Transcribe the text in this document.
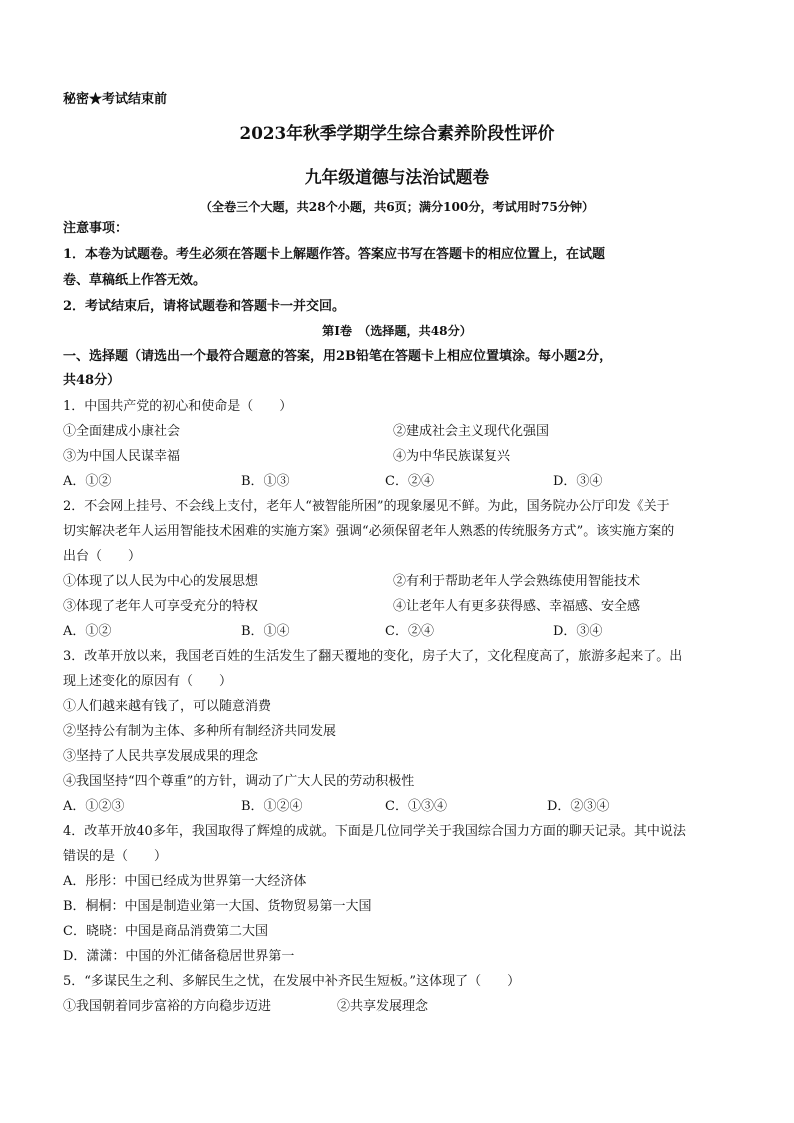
秘密★考试结束前
2023年秋季学期学生综合素养阶段性评价
九年级道德与法治试题卷
（全卷三个大题，共28个小题，共6页；满分100分，考试用时75分钟）
注意事项：
1．本卷为试题卷。考生必须在答题卡上解题作答。答案应书写在答题卡的相应位置上，在试题
卷、草稿纸上作答无效。
2．考试结束后，请将试题卷和答题卡一并交回。
第Ⅰ卷　（选择题，共48分）
一、选择题（请选出一个最符合题意的答案，用2B铅笔在答题卡上相应位置填涂。每小题2分，
共48分）
1．中国共产党的初心和使命是（　　）
①全面建成小康社会	②建成社会主义现代化强国
③为中国人民谋幸福	④为中华民族谋复兴
A．①②	B．①③	C．②④	D．③④
2．不会网上挂号、不会线上支付，老年人“被智能所困”的现象屡见不鲜。为此，国务院办公厅印发《关于
切实解决老年人运用智能技术困难的实施方案》强调“必须保留老年人熟悉的传统服务方式”。该实施方案的
出台（　　）
①体现了以人民为中心的发展思想	②有利于帮助老年人学会熟练使用智能技术
③体现了老年人可享受充分的特权	④让老年人有更多获得感、幸福感、安全感
A．①②	B．①④	C．②④	D．③④
3．改革开放以来，我国老百姓的生活发生了翻天覆地的变化，房子大了，文化程度高了，旅游多起来了。出
现上述变化的原因有（　　）
①人们越来越有钱了，可以随意消费
②坚持公有制为主体、多种所有制经济共同发展
③坚持了人民共享发展成果的理念
④我国坚持“四个尊重”的方针，调动了广大人民的劳动积极性
A．①②③	B．①②④	C．①③④	D．②③④
4．改革开放40多年，我国取得了辉煌的成就。下面是几位同学关于我国综合国力方面的聊天记录。其中说法
错误的是（　　）
A．彤彤：中国已经成为世界第一大经济体
B．桐桐：中国是制造业第一大国、货物贸易第一大国
C．晓晓：中国是商品消费第二大国
D．潇潇：中国的外汇储备稳居世界第一
5．“多谋民生之利、多解民生之忧，在发展中补齐民生短板。”这体现了（　　）
①我国朝着同步富裕的方向稳步迈进	②共享发展理念
